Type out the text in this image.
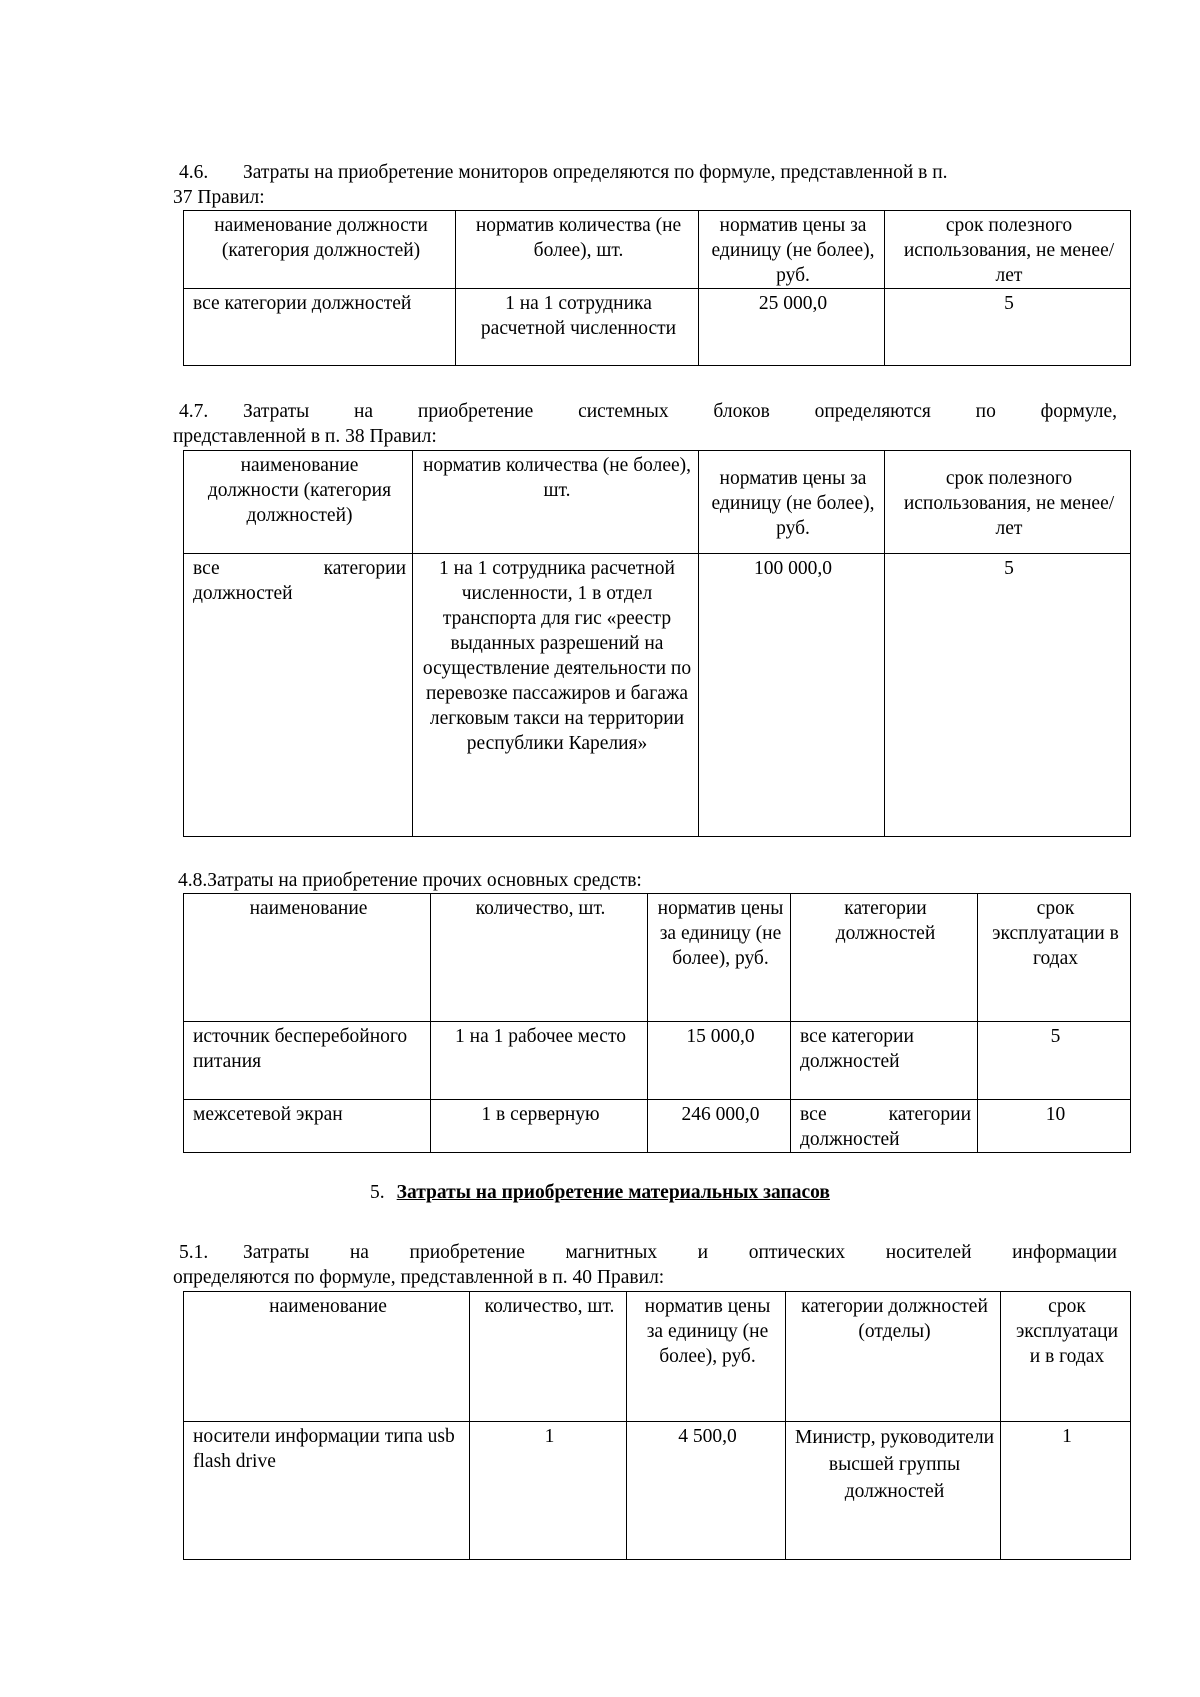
4.6.	Затраты на приобретение мониторов определяются по формуле, представленной в п.
37 Правил:
наименование должности (категория должностей)	норматив количества (не более), шт.	норматив цены за единицу (не более), руб.	срок полезного использования, не менее/лет
все категории должностей	1 на 1 сотрудника расчетной численности	25 000,0	5
4.7.	Затраты на приобретение системных блоков определяются по формуле,
представленной в п. 38 Правил:
наименование должности (категория должностей)	норматив количества (не более), шт.	норматив цены за единицу (не более), руб.	срок полезного использования, не менее/лет
все категории должностей	1 на 1 сотрудника расчетной численности, 1 в отдел транспорта для гис «реестр выданных разрешений на осуществление деятельности по перевозке пассажиров и багажа легковым такси на территории республики Карелия»	100 000,0	5
4.8.Затраты на приобретение прочих основных средств:
наименование	количество, шт.	норматив цены за единицу (не более), руб.	категории должностей	срок эксплуатации в годах
источник бесперебойного питания	1 на 1 рабочее место	15 000,0	все категории должностей	5
межсетевой экран	1 в серверную	246 000,0	все категории должностей	10
5. Затраты на приобретение материальных запасов
5.1.	Затраты на приобретение магнитных и оптических носителей информации
определяются по формуле, представленной в п. 40 Правил:
наименование	количество, шт.	норматив цены за единицу (не более), руб.	категории должностей (отделы)	срок эксплуатаци и в годах
носители информации типа usb flash drive	1	4 500,0	Министр, руководители высшей группы должностей	1
